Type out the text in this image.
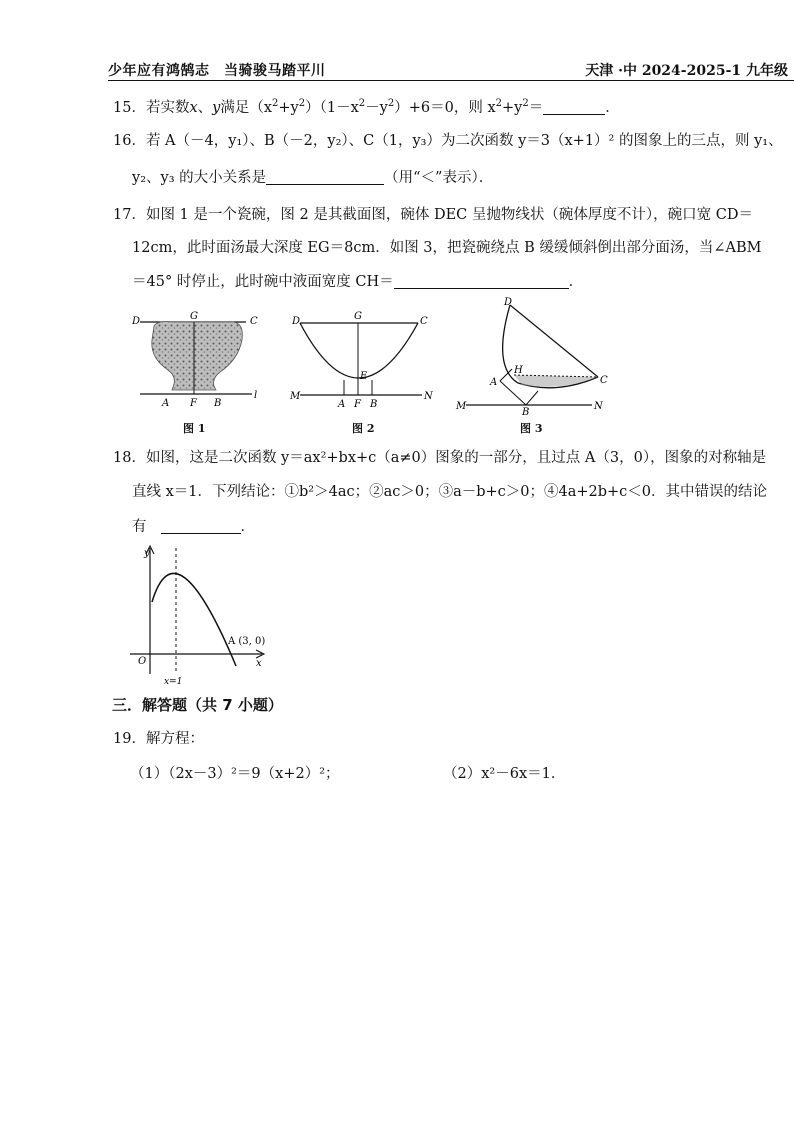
少年应有鸿鹄志　当骑骏马踏平川	天津 ·中 2024-2025-1 九年级
15．若实数x、y满足$(x^2+y^2)(1-x^2-y^2)+6=0$，则 $x^2+y^2=$	．
16．若 A（－4，y₁）、B（－2，y₂）、C（1，y₃）为二次函数 y＝3（x+1）² 的图象上的三点，则 y₁、
y₂、y₃ 的大小关系是	（用“＜”表示）．
17．如图 1 是一个瓷碗，图 2 是其截面图，碗体 DEC 呈抛物线状（碗体厚度不计），碗口宽 CD＝
12cm，此时面汤最大深度 EG＝8cm．如图 3，把瓷碗绕点 B 缓缓倾斜倒出部分面汤，当∠ABM
＝45° 时停止，此时碗中液面宽度 CH＝	．
D	G	C
A F B
l
图 1
D	G	C
E
M
A F B
N
图 2
D
H
A	C
M
B
N
图 3
18．如图，这是二次函数 y＝ax²+bx+c（a≠0）图象的一部分，且过点 A（3，0），图象的对称轴是
直线 x＝1．下列结论：①b²＞4ac；②ac＞0；③a－b+c＞0；④4a+2b+c＜0．其中错误的结论
有	．
y
x
O
A (3, 0)
x=1
三．解答题（共 7 小题）
19．解方程：
（1）（2x－3）²＝9（x+2）²；	（2）x²－6x＝1．
